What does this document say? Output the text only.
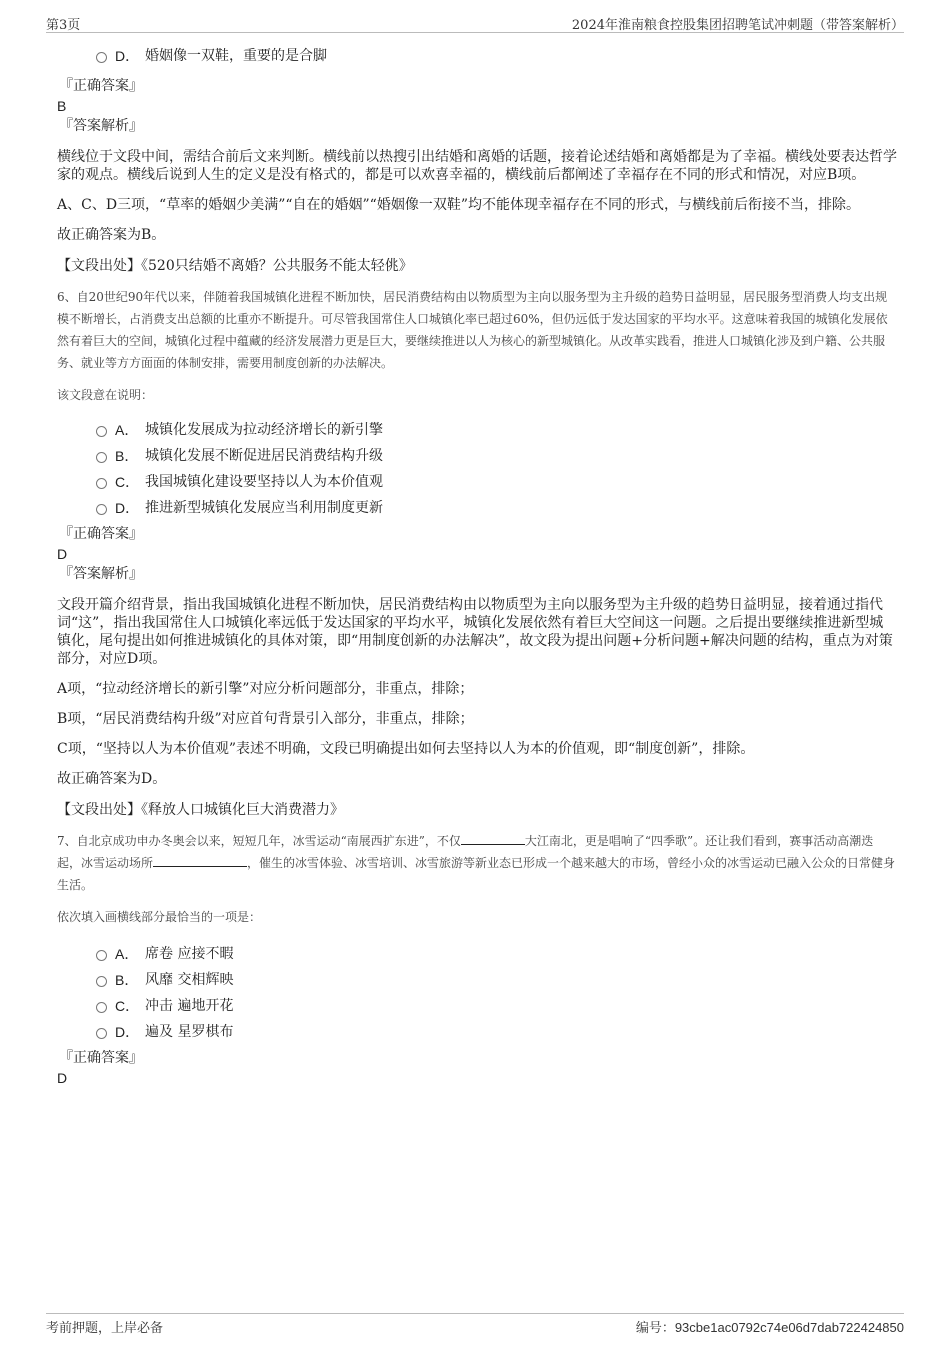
第3页	2024年淮南粮食控股集团招聘笔试冲刺题（带答案解析）
D． 婚姻像一双鞋，重要的是合脚
『正确答案』
B
『答案解析』

横线位于文段中间，需结合前后文来判断。横线前以热搜引出结婚和离婚的话题，接着论述结婚和离婚都是为了幸福。横线处要表达哲学家的观点。横线后说到人生的定义是没有格式的，都是可以欢喜幸福的，横线前后都阐述了幸福存在不同的形式和情况，对应B项。

A、C、D三项，“草率的婚姻少美满”“自在的婚姻”“婚姻像一双鞋”均不能体现幸福存在不同的形式，与横线前后衔接不当，排除。

故正确答案为B。

【文段出处】《520只结婚不离婚？公共服务不能太轻佻》

6、自20世纪90年代以来，伴随着我国城镇化进程不断加快，居民消费结构由以物质型为主向以服务型为主升级的趋势日益明显，居民服务型消费人均支出规模不断增长，占消费支出总额的比重亦不断提升。可尽管我国常住人口城镇化率已超过60%，但仍远低于发达国家的平均水平。这意味着我国的城镇化发展依然有着巨大的空间，城镇化过程中蕴藏的经济发展潜力更是巨大，要继续推进以人为核心的新型城镇化。从改革实践看，推进人口城镇化涉及到户籍、公共服务、就业等方方面面的体制安排，需要用制度创新的办法解决。
该文段意在说明：
A． 城镇化发展成为拉动经济增长的新引擎
B． 城镇化发展不断促进居民消费结构升级
C． 我国城镇化建设要坚持以人为本价值观
D． 推进新型城镇化发展应当利用制度更新
『正确答案』
D
『答案解析』

文段开篇介绍背景，指出我国城镇化进程不断加快，居民消费结构由以物质型为主向以服务型为主升级的趋势日益明显，接着通过指代词“这”，指出我国常住人口城镇化率远低于发达国家的平均水平，城镇化发展依然有着巨大空间这一问题。之后提出要继续推进新型城镇化，尾句提出如何推进城镇化的具体对策，即“用制度创新的办法解决”，故文段为提出问题+分析问题+解决问题的结构，重点为对策部分，对应D项。

A项，“拉动经济增长的新引擎”对应分析问题部分，非重点，排除；

B项，“居民消费结构升级”对应首句背景引入部分，非重点，排除；

C项，“坚持以人为本价值观”表述不明确，文段已明确提出如何去坚持以人为本的价值观，即“制度创新”，排除。

故正确答案为D。

【文段出处】《释放人口城镇化巨大消费潜力》

7、自北京成功申办冬奥会以来，短短几年，冰雪运动“南展西扩东进”，不仅	大江南北，更是唱响了“四季歌”。还让我们看到，赛事活动高潮迭起，冰雪运动场所	，催生的冰雪体验、冰雪培训、冰雪旅游等新业态已形成一个越来越大的市场，曾经小众的冰雪运动已融入公众的日常健身生活。
依次填入画横线部分最恰当的一项是：
A． 席卷 应接不暇
B． 风靡 交相辉映
C． 冲击 遍地开花
D． 遍及 星罗棋布
『正确答案』
D
考前押题，上岸必备	编号：93cbe1ac0792c74e06d7dab722424850
